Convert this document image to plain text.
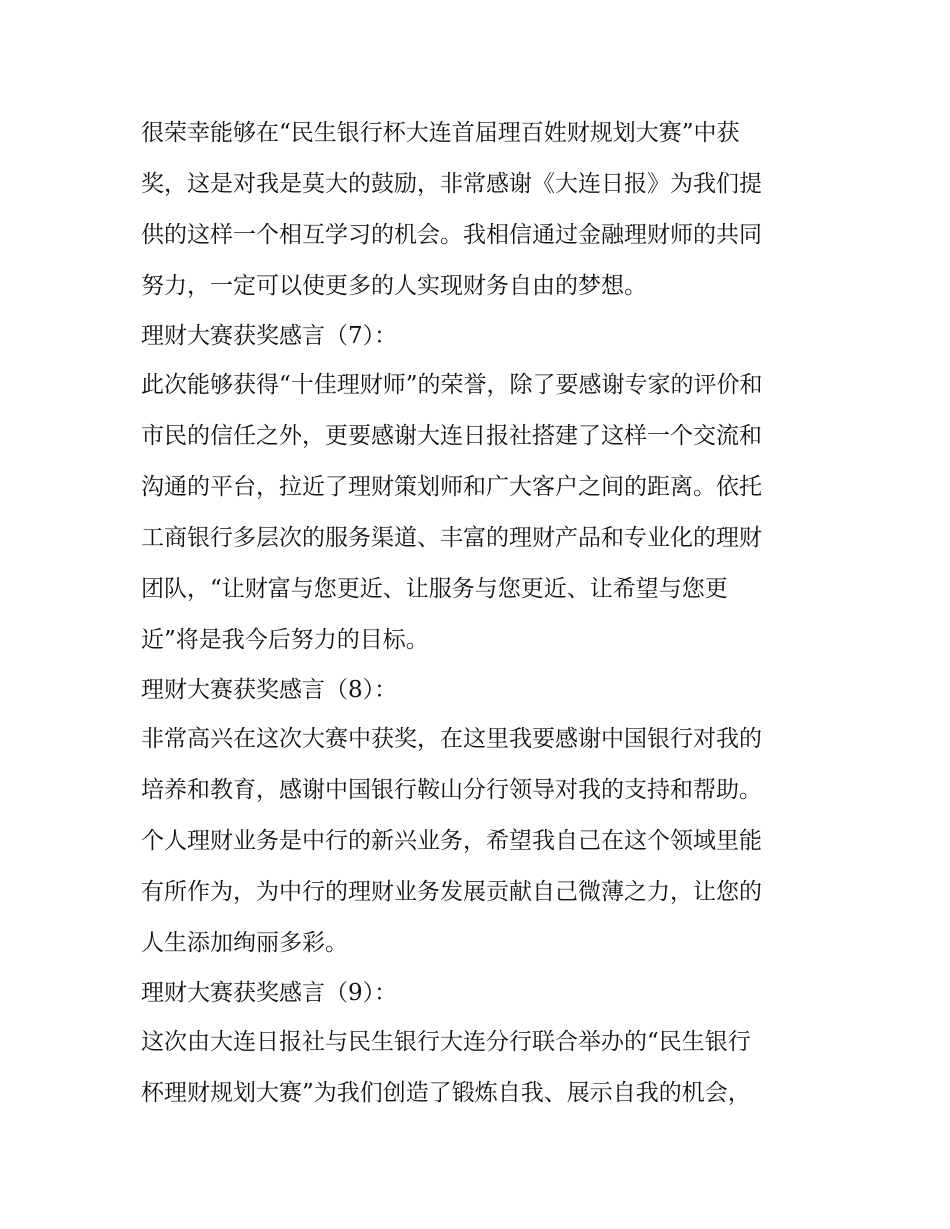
很荣幸能够在“民生银行杯大连首届理百姓财规划大赛”中获
奖，这是对我是莫大的鼓励，非常感谢《大连日报》为我们提
供的这样一个相互学习的机会。我相信通过金融理财师的共同
努力，一定可以使更多的人实现财务自由的梦想。
理财大赛获奖感言（7）：
此次能够获得“十佳理财师”的荣誉，除了要感谢专家的评价和
市民的信任之外，更要感谢大连日报社搭建了这样一个交流和
沟通的平台，拉近了理财策划师和广大客户之间的距离。依托
工商银行多层次的服务渠道、丰富的理财产品和专业化的理财
团队，“让财富与您更近、让服务与您更近、让希望与您更
近”将是我今后努力的目标。
理财大赛获奖感言（8）：
非常高兴在这次大赛中获奖，在这里我要感谢中国银行对我的
培养和教育，感谢中国银行鞍山分行领导对我的支持和帮助。
个人理财业务是中行的新兴业务，希望我自己在这个领域里能
有所作为，为中行的理财业务发展贡献自己微薄之力，让您的
人生添加绚丽多彩。
理财大赛获奖感言（9）：
这次由大连日报社与民生银行大连分行联合举办的“民生银行
杯理财规划大赛”为我们创造了锻炼自我、展示自我的机会，
